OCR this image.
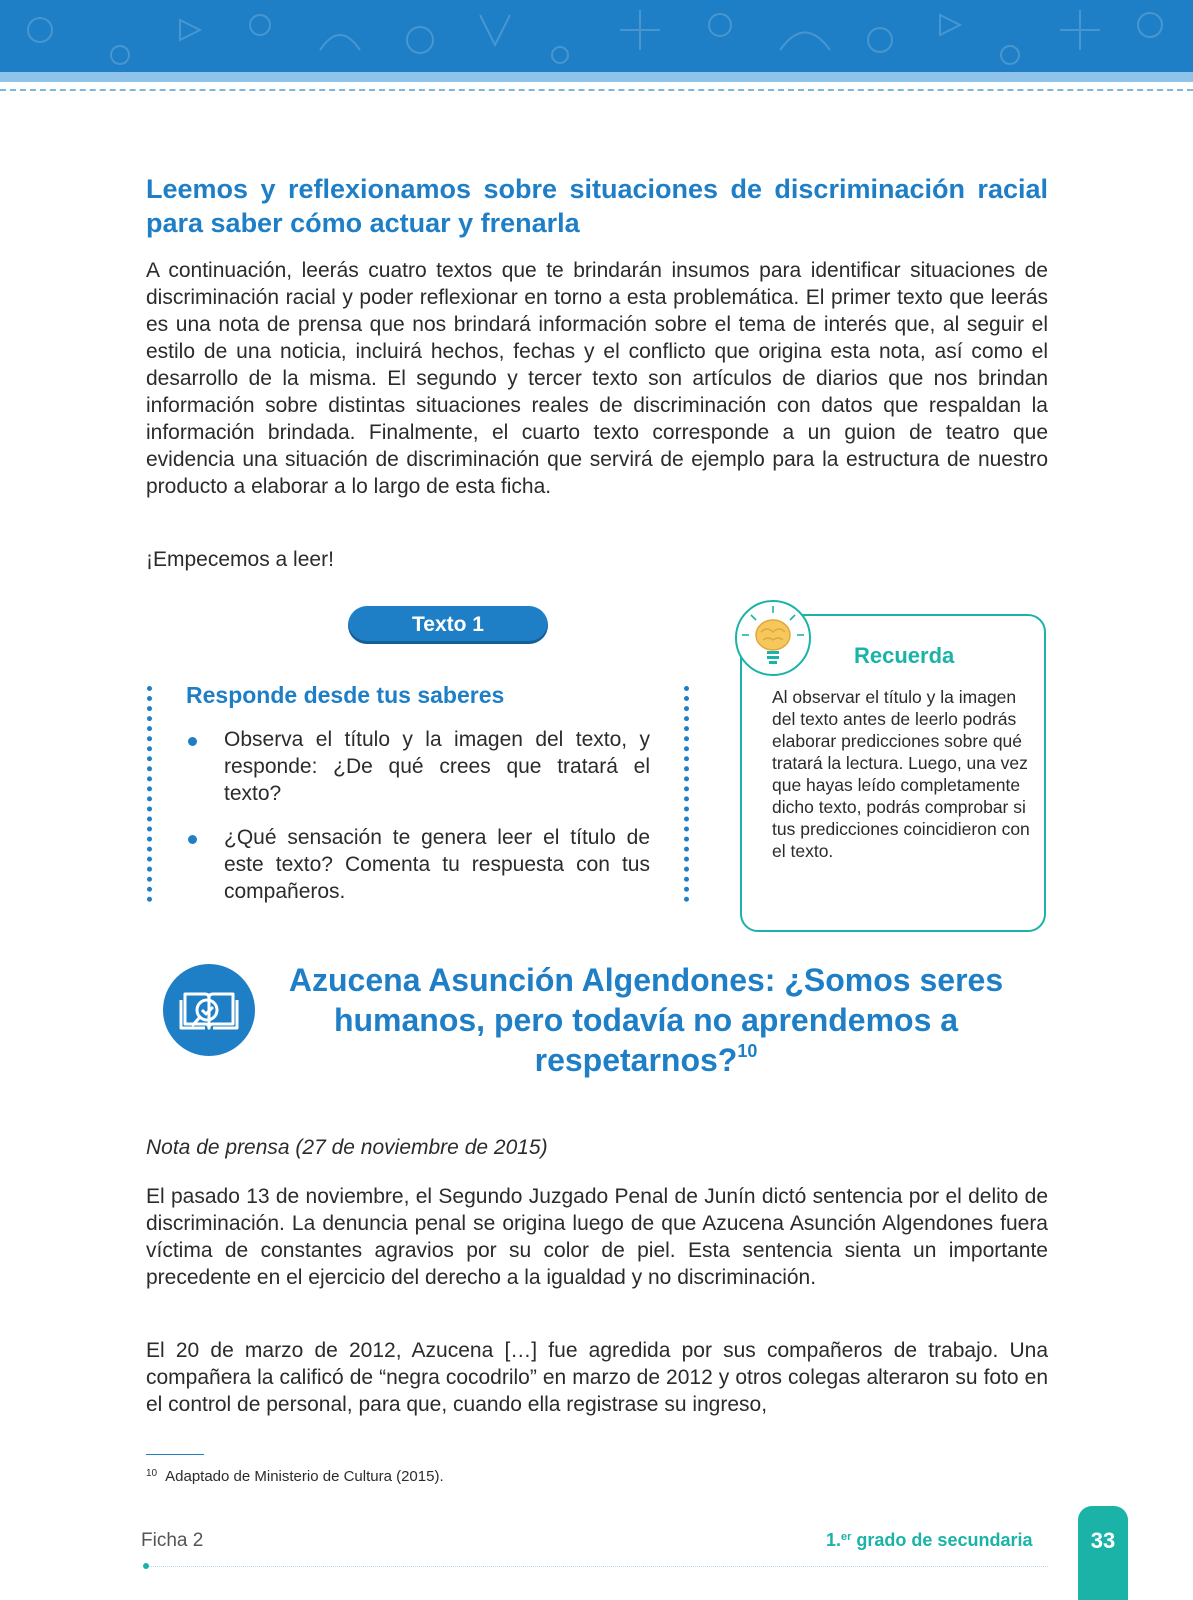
Leemos y reflexionamos sobre situaciones de discriminación racial para saber cómo actuar y frenarla

A continuación, leerás cuatro textos que te brindarán insumos para identificar situaciones de discriminación racial y poder reflexionar en torno a esta problemática. El primer texto que leerás es una nota de prensa que nos brindará información sobre el tema de interés que, al seguir el estilo de una noticia, incluirá hechos, fechas y el conflicto que origina esta nota, así como el desarrollo de la misma. El segundo y tercer texto son artículos de diarios que nos brindan información sobre distintas situaciones reales de discriminación con datos que respaldan la información brindada. Finalmente, el cuarto texto corresponde a un guion de teatro que evidencia una situación de discriminación que servirá de ejemplo para la estructura de nuestro producto a elaborar a lo largo de esta ficha.

¡Empecemos a leer!

Texto 1
Responde desde tus saberes
Observa el título y la imagen del texto, y responde: ¿De qué crees que tratará el texto?
¿Qué sensación te genera leer el título de este texto? Comenta tu respuesta con tus compañeros.
Recuerda
Al observar el título y la imagen del texto antes de leerlo podrás elaborar predicciones sobre qué tratará la lectura. Luego, una vez que hayas leído completamente dicho texto, podrás comprobar si tus predicciones coincidieron con el texto.
Azucena Asunción Algendones: ¿Somos seres humanos, pero todavía no aprendemos a respetarnos?$^{10}$
Nota de prensa (27 de noviembre de 2015)

El pasado 13 de noviembre, el Segundo Juzgado Penal de Junín dictó sentencia por el delito de discriminación. La denuncia penal se origina luego de que Azucena Asunción Algendones fuera víctima de constantes agravios por su color de piel. Esta sentencia sienta un importante precedente en el ejercicio del derecho a la igualdad y no discriminación.

El 20 de marzo de 2012, Azucena […] fue agredida por sus compañeros de trabajo. Una compañera la calificó de “negra cocodrilo” en marzo de 2012 y otros colegas alteraron su foto en el control de personal, para que, cuando ella registrase su ingreso,

$^{10}$ Adaptado de Ministerio de Cultura (2015).
Ficha 2	1.$^{er}$ grado de secundaria	33
